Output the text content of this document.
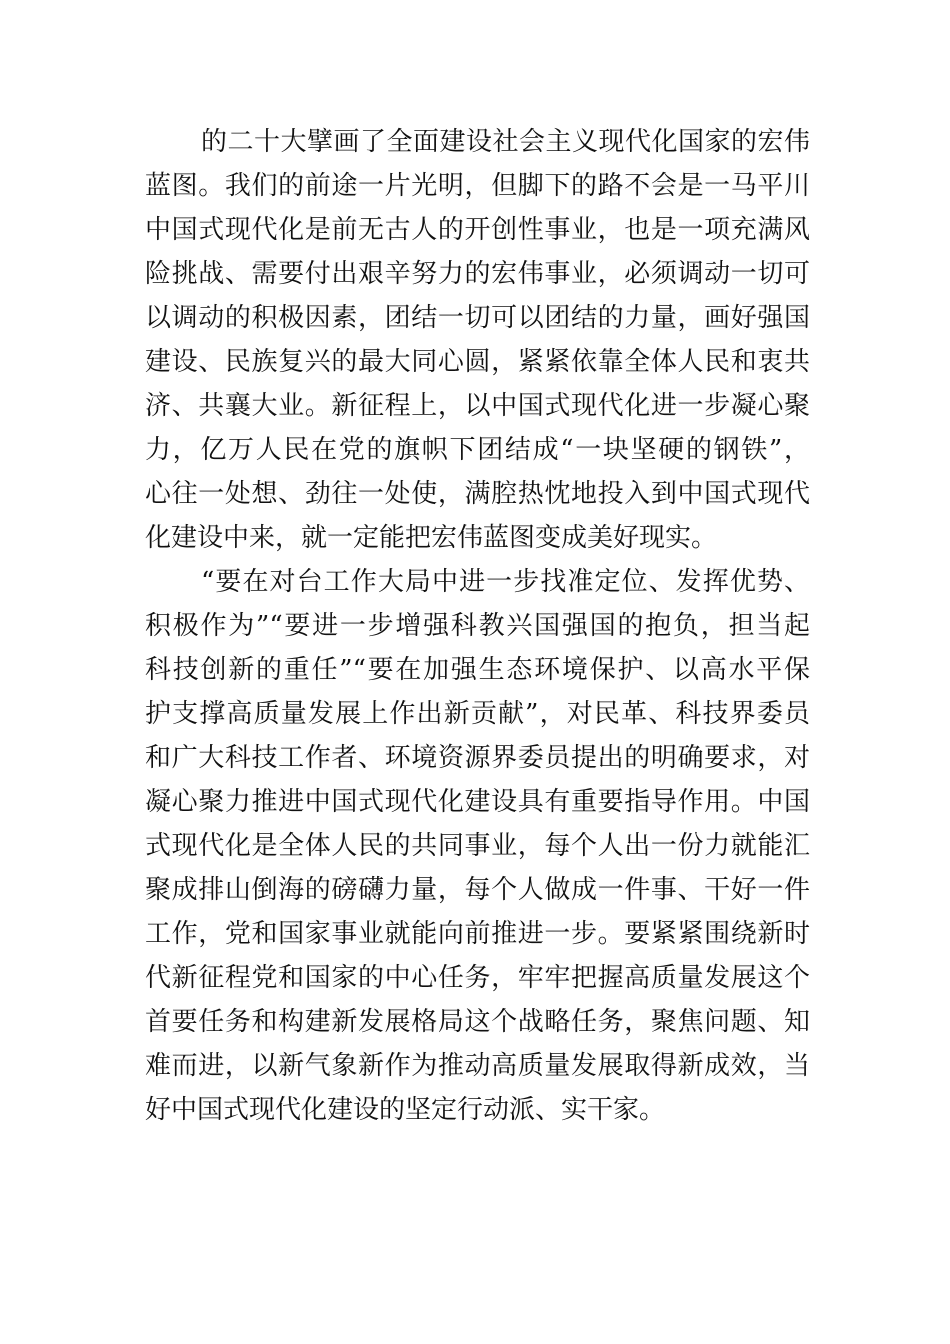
的二十大擘画了全面建设社会主义现代化国家的宏伟
蓝图。我们的前途一片光明，但脚下的路不会是一马平川
中国式现代化是前无古人的开创性事业，也是一项充满风
险挑战、需要付出艰辛努力的宏伟事业，必须调动一切可
以调动的积极因素，团结一切可以团结的力量，画好强国
建设、民族复兴的最大同心圆，紧紧依靠全体人民和衷共
济、共襄大业。新征程上，以中国式现代化进一步凝心聚
力，亿万人民在党的旗帜下团结成“一块坚硬的钢铁”，
心往一处想、劲往一处使，满腔热忱地投入到中国式现代
化建设中来，就一定能把宏伟蓝图变成美好现实。
“要在对台工作大局中进一步找准定位、发挥优势、
积极作为”“要进一步增强科教兴国强国的抱负，担当起
科技创新的重任”“要在加强生态环境保护、以高水平保
护支撑高质量发展上作出新贡献”，对民革、科技界委员
和广大科技工作者、环境资源界委员提出的明确要求，对
凝心聚力推进中国式现代化建设具有重要指导作用。中国
式现代化是全体人民的共同事业，每个人出一份力就能汇
聚成排山倒海的磅礴力量，每个人做成一件事、干好一件
工作，党和国家事业就能向前推进一步。要紧紧围绕新时
代新征程党和国家的中心任务，牢牢把握高质量发展这个
首要任务和构建新发展格局这个战略任务，聚焦问题、知
难而进，以新气象新作为推动高质量发展取得新成效，当
好中国式现代化建设的坚定行动派、实干家。
